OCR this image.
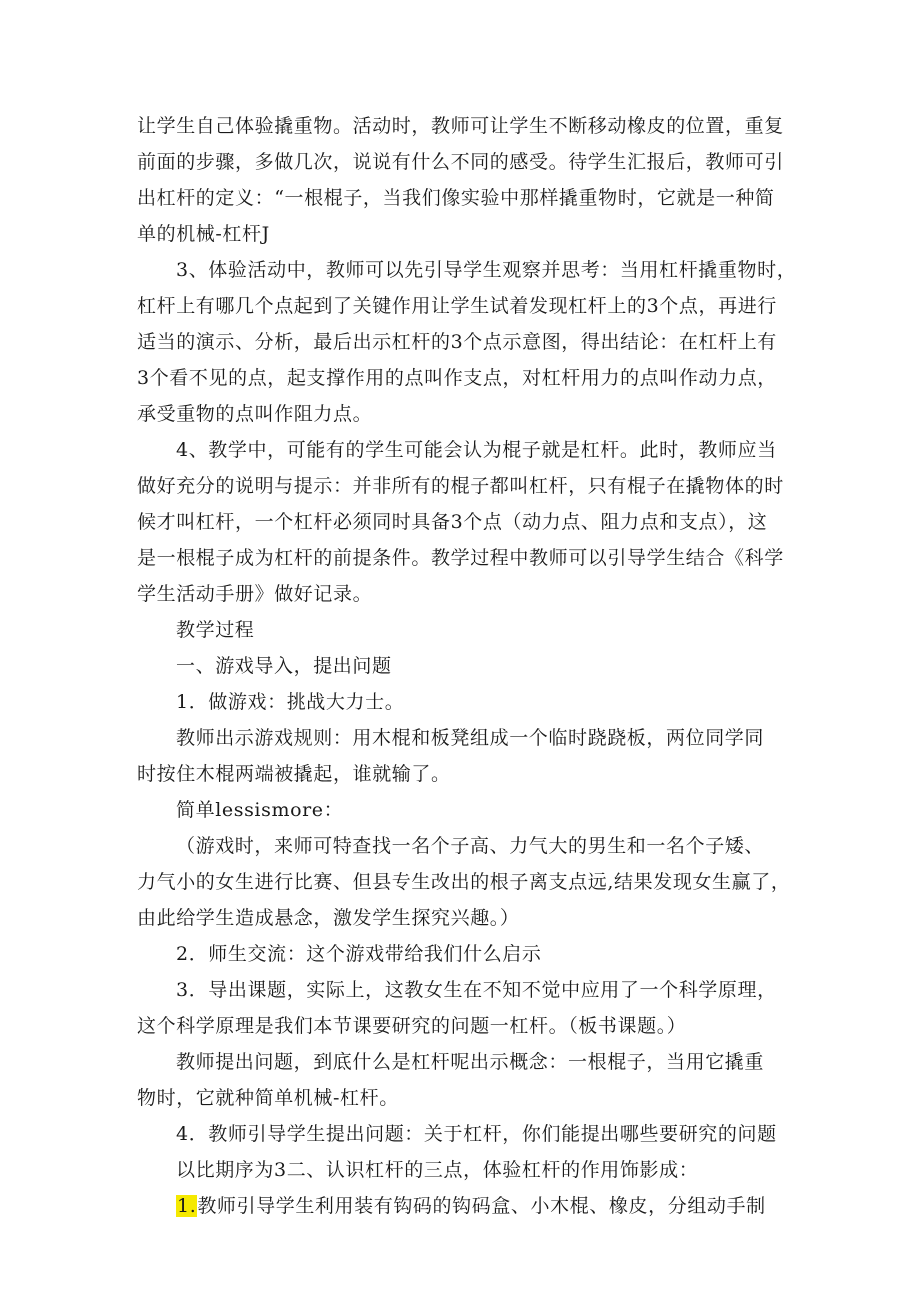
让学生自己体验撬重物。活动时，教师可让学生不断移动橡皮的位置，重复
前面的步骤，多做几次，说说有什么不同的感受。待学生汇报后，教师可引
出杠杆的定义：“一根棍子，当我们像实验中那样撬重物时，它就是一种简
单的机械-杠杆J
3、体验活动中，教师可以先引导学生观察并思考：当用杠杆撬重物时，
杠杆上有哪几个点起到了关键作用让学生试着发现杠杆上的3个点，再进行
适当的演示、分析，最后出示杠杆的3个点示意图，得出结论：在杠杆上有
3个看不见的点，起支撑作用的点叫作支点，对杠杆用力的点叫作动力点，
承受重物的点叫作阻力点。
4、教学中，可能有的学生可能会认为棍子就是杠杆。此时，教师应当
做好充分的说明与提示：并非所有的棍子都叫杠杆，只有棍子在撬物体的时
候才叫杠杆，一个杠杆必须同时具备3个点（动力点、阻力点和支点），这
是一根棍子成为杠杆的前提条件。教学过程中教师可以引导学生结合《科学
学生活动手册》做好记录。
教学过程
一、游戏导入，提出问题
1．做游戏：挑战大力士。
教师出示游戏规则：用木棍和板凳组成一个临时跷跷板，两位同学同
时按住木棍两端被撬起，谁就输了。
简单lessismore：
（游戏时，来师可特查找一名个子高、力气大的男生和一名个子矮、
力气小的女生进行比赛、但县专生改出的根子离支点远,结果发现女生赢了，
由此给学生造成悬念，激发学生探究兴趣。）
2．师生交流：这个游戏带给我们什么启示
3．导出课题，实际上，这教女生在不知不觉中应用了一个科学原理，
这个科学原理是我们本节课要研究的问题一杠杆。（板书课题。）
教师提出问题，到底什么是杠杆呢出示概念：一根棍子，当用它撬重
物时，它就种简单机械-杠杆。
4．教师引导学生提出问题：关于杠杆，你们能提出哪些要研究的问题
以比期序为3二、认识杠杆的三点，体验杠杆的作用饰影成：
1.教师引导学生利用装有钩码的钩码盒、小木棍、橡皮，分组动手制
